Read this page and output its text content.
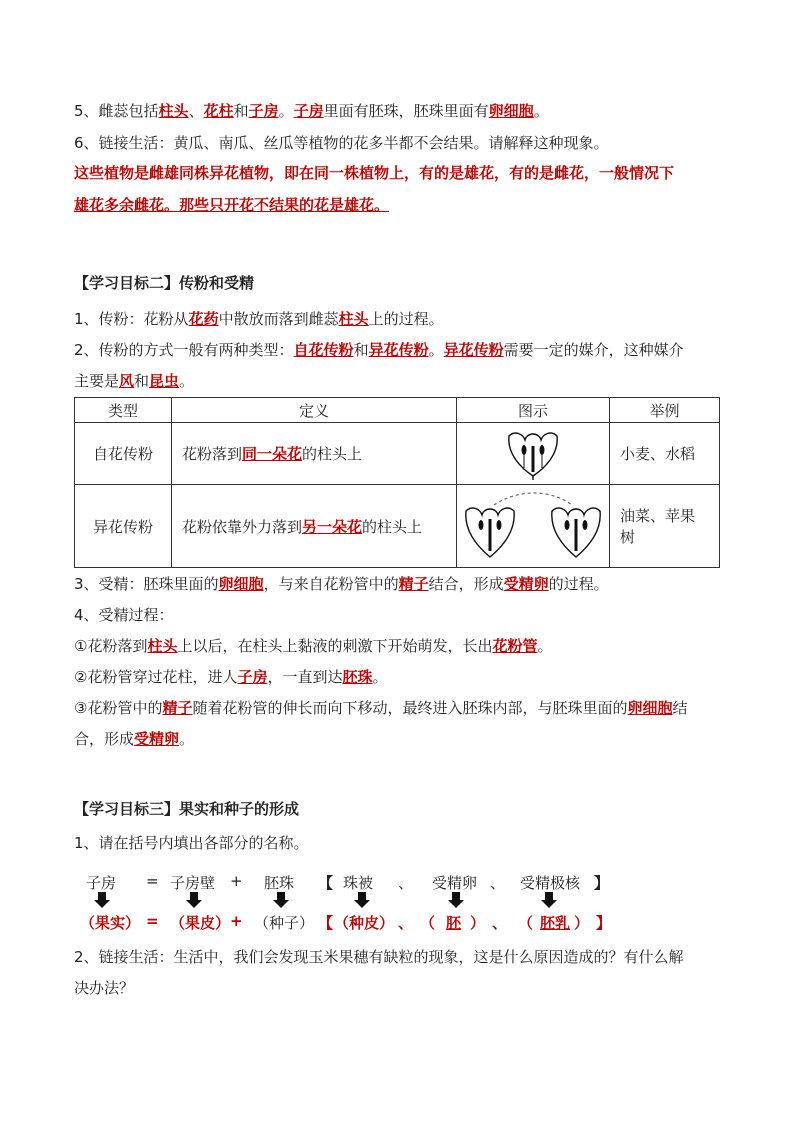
5、雌蕊包括柱头、花柱和子房。子房里面有胚珠，胚珠里面有卵细胞。
6、链接生活：黄瓜、南瓜、丝瓜等植物的花多半都不会结果。请解释这种现象。
这些植物是雌雄同株异花植物，即在同一株植物上，有的是雄花，有的是雌花，一般情况下
雄花多余雌花。那些只开花不结果的花是雄花。
【学习目标二】传粉和受精
1、传粉：花粉从花药中散放而落到雌蕊柱头上的过程。
2、传粉的方式一般有两种类型：自花传粉和异花传粉。异花传粉需要一定的媒介，这种媒介
主要是风和昆虫。
类型	定义	图示	举例
自花传粉	花粉落到同一朵花的柱头上		小麦、水稻
异花传粉	花粉依靠外力落到另一朵花的柱头上		油菜、苹果树
3、受精：胚珠里面的卵细胞，与来自花粉管中的精子结合，形成受精卵的过程。
4、受精过程：
①花粉落到柱头上以后，在柱头上黏液的刺激下开始萌发，长出花粉管。
②花粉管穿过花柱，进人子房，一直到达胚珠。
③花粉管中的精子随着花粉管的伸长而向下移动，最终进入胚珠内部，与胚珠里面的卵细胞结
合，形成受精卵。
【学习目标三】果实和种子的形成
1、请在括号内填出各部分的名称。
子房 = 子房壁 + 胚珠 【 珠被 、 受精卵 、 受精极核 】
（果实） = （果皮） + （种子） 【 （种皮） 、 （ 胚 ） 、 （ 胚乳 ） 】
2、链接生活：生活中，我们会发现玉米果穗有缺粒的现象，这是什么原因造成的？有什么解
决办法？
